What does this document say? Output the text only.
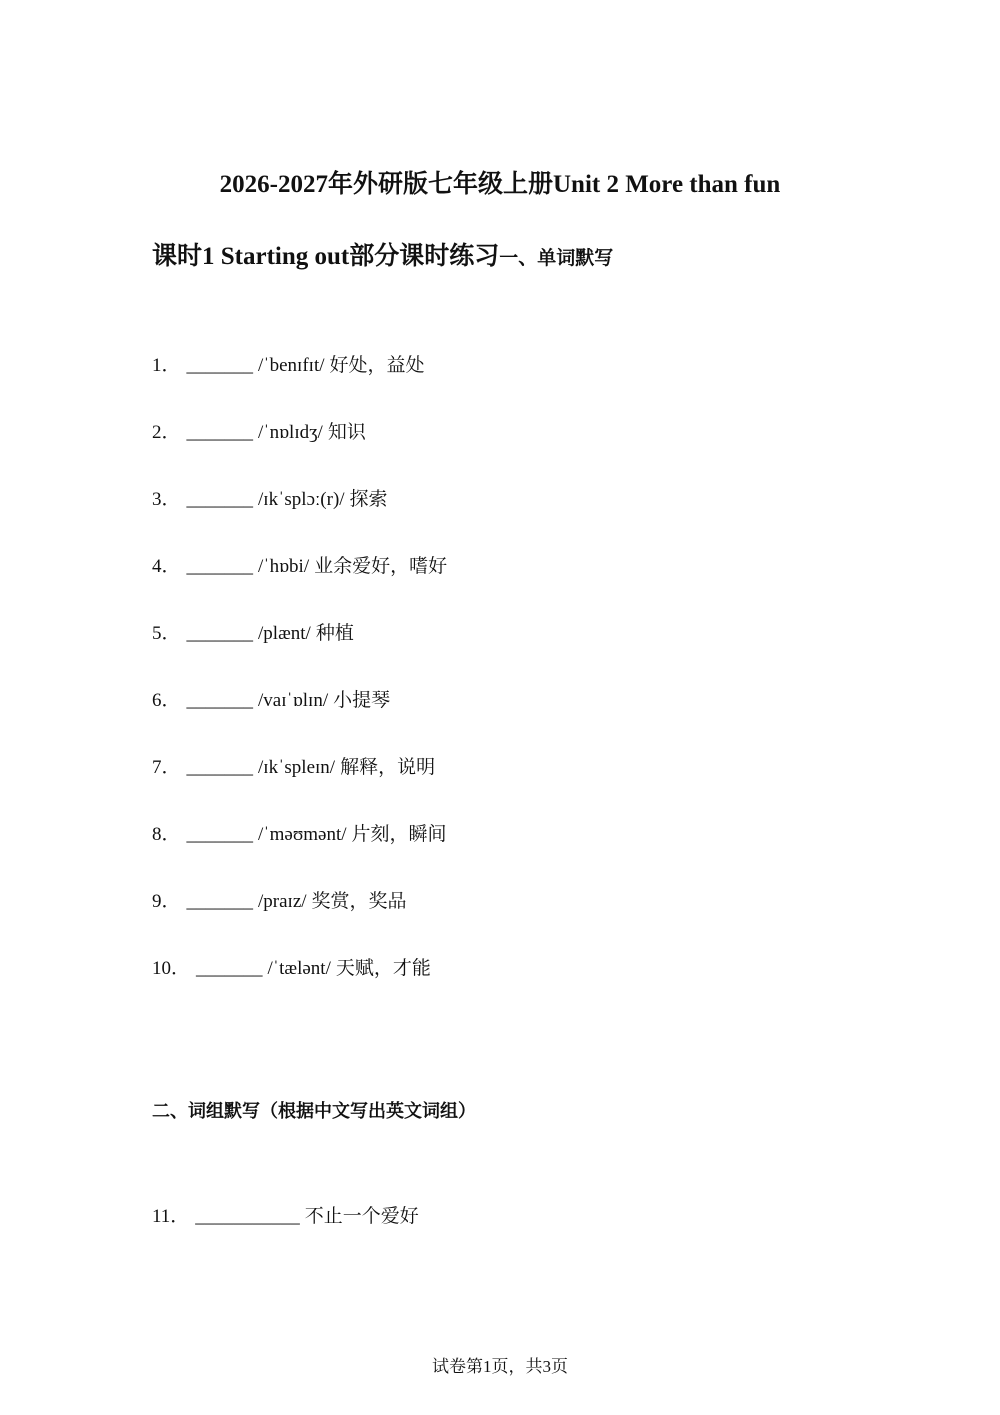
2026-2027年外研版七年级上册Unit 2 More than fun
课时1 Starting out部分课时练习一、单词默写
1． _______ /ˈbenɪfɪt/ 好处，益处
2． _______ /ˈnɒlɪdʒ/ 知识
3． _______ /ɪkˈsplɔː(r)/ 探索
4． _______ /ˈhɒbi/ 业余爱好，嗜好
5． _______ /plænt/ 种植
6． _______ /vaɪˈɒlɪn/ 小提琴
7． _______ /ɪkˈspleɪn/ 解释，说明
8． _______ /ˈməʊmənt/ 片刻，瞬间
9． _______ /praɪz/ 奖赏，奖品
10． _______ /ˈtælənt/ 天赋，才能
二、词组默写（根据中文写出英文词组）
11． ___________ 不止一个爱好
试卷第1页，共3页
